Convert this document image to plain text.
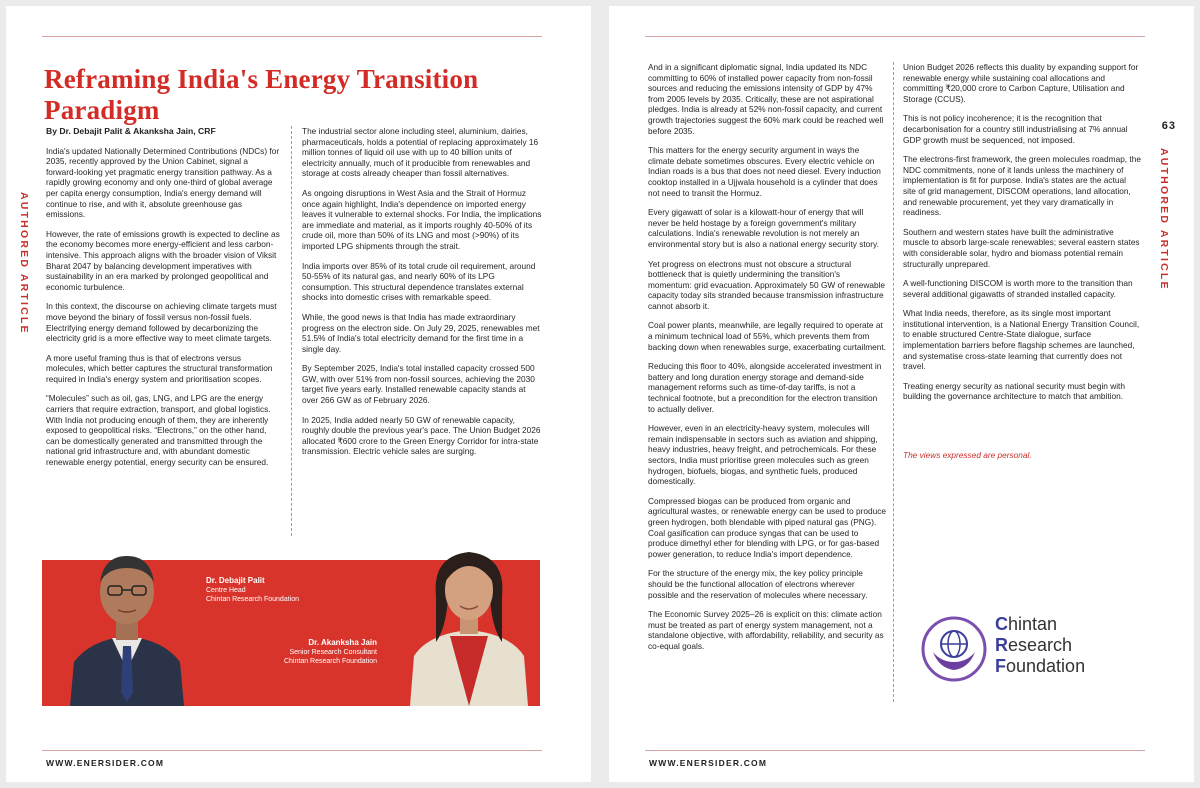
Reframing India's Energy Transition Paradigm
AUTHORED ARTICLE

By Dr. Debajit Palit & Akanksha Jain, CRF

India's updated Nationally Determined Contributions (NDCs) for 2035, recently approved by the Union Cabinet, signal a forward-looking yet pragmatic energy transition pathway. As a rapidly growing economy and only one-third of global average per capita energy consumption, India's energy demand will continue to rise, and with it, absolute greenhouse gas emissions.

However, the rate of emissions growth is expected to decline as the economy becomes more energy-efficient and less carbon-intensive. This approach aligns with the broader vision of Viksit Bharat 2047 by balancing development imperatives with sustainability in an era marked by prolonged geopolitical and economic turbulence.

In this context, the discourse on achieving climate targets must move beyond the binary of fossil versus non-fossil fuels. Electrifying energy demand followed by decarbonizing the electricity grid is a more effective way to meet climate targets.

A more useful framing thus is that of electrons versus molecules, which better captures the structural transformation required in India's energy system and prioritisation scopes.

“Molecules” such as oil, gas, LNG, and LPG are the energy carriers that require extraction, transport, and global logistics. With India not producing enough of them, they are inherently exposed to geopolitical risks. “Electrons,” on the other hand, can be domestically generated and transmitted through the national grid infrastructure and, with abundant domestic renewable energy potential, energy security can be ensured.

The industrial sector alone including steel, aluminium, dairies, pharmaceuticals, holds a potential of replacing approximately 16 million tonnes of liquid oil use with up to 40 billion units of electricity annually, much of it producible from renewables and storage at costs already cheaper than fossil alternatives.

As ongoing disruptions in West Asia and the Strait of Hormuz once again highlight, India's dependence on imported energy leaves it vulnerable to external shocks. For India, the implications are immediate and material, as it imports roughly 40-50% of its crude oil, more than 50% of its LNG and most (>90%) of its imported LPG shipments through the strait.

India imports over 85% of its total crude oil requirement, around 50-55% of its natural gas, and nearly 60% of its LPG consumption. This structural dependence translates external shocks into domestic crises with remarkable speed.

While, the good news is that India has made extraordinary progress on the electron side. On July 29, 2025, renewables met 51.5% of India's total electricity demand for the first time in a single day.

By September 2025, India's total installed capacity crossed 500 GW, with over 51% from non-fossil sources, achieving the 2030 target five years early. Installed renewable capacity stands at over 266 GW as of February 2026.

In 2025, India added nearly 50 GW of renewable capacity, roughly double the previous year's pace. The Union Budget 2026 allocated ₹600 crore to the Green Energy Corridor for intra-state transmission. Electric vehicle sales are surging.

Dr. Debajit Palit
Centre Head
Chintan Research Foundation
Dr. Akanksha Jain
Senior Research Consultant
Chintan Research Foundation
WWW.ENERSIDER.COM
63
AUTHORED ARTICLE

And in a significant diplomatic signal, India updated its NDC committing to 60% of installed power capacity from non-fossil sources and reducing the emissions intensity of GDP by 47% from 2005 levels by 2035. Critically, these are not aspirational pledges. India is already at 52% non-fossil capacity, and current growth trajectories suggest the 60% mark could be reached well before 2035.

This matters for the energy security argument in ways the climate debate sometimes obscures. Every electric vehicle on Indian roads is a bus that does not need diesel. Every induction cooktop installed in a Ujjwala household is a cylinder that does not need to transit the Hormuz.

Every gigawatt of solar is a kilowatt-hour of energy that will never be held hostage by a foreign government's military calculations. India's renewable revolution is not merely an environmental story but is also a national energy security story.

Yet progress on electrons must not obscure a structural bottleneck that is quietly undermining the transition's momentum: grid evacuation. Approximately 50 GW of renewable capacity today sits stranded because transmission infrastructure cannot absorb it.

Coal power plants, meanwhile, are legally required to operate at a minimum technical load of 55%, which prevents them from backing down when renewables surge, exacerbating curtailment.

Reducing this floor to 40%, alongside accelerated investment in battery and long duration energy storage and demand-side management reforms such as time-of-day tariffs, is not a technical footnote, but a precondition for the electron transition to actually deliver.

However, even in an electricity-heavy system, molecules will remain indispensable in sectors such as aviation and shipping, heavy industries, heavy freight, and petrochemicals. For these sectors, India must prioritise green molecules such as green hydrogen, biofuels, biogas, and synthetic fuels, produced domestically.

Compressed biogas can be produced from organic and agricultural wastes, or renewable energy can be used to produce green hydrogen, both blendable with piped natural gas (PNG). Coal gasification can produce syngas that can be used to produce dimethyl ether for blending with LPG, or for gas-based power generation, to reduce India's import dependence.

For the structure of the energy mix, the key policy principle should be the functional allocation of electrons wherever possible and the reservation of molecules where necessary.

The Economic Survey 2025–26 is explicit on this: climate action must be treated as part of energy system management, not a standalone objective, with affordability, reliability, and security as co-equal goals.

Union Budget 2026 reflects this duality by expanding support for renewable energy while sustaining coal allocations and committing ₹20,000 crore to Carbon Capture, Utilisation and Storage (CCUS).

This is not policy incoherence; it is the recognition that decarbonisation for a country still industrialising at 7% annual GDP growth must be sequenced, not imposed.

The electrons-first framework, the green molecules roadmap, the NDC commitments, none of it lands unless the machinery of implementation is fit for purpose. India's states are the actual site of grid management, DISCOM operations, land allocation, and renewable procurement, yet they vary dramatically in readiness.

Southern and western states have built the administrative muscle to absorb large-scale renewables; several eastern states with considerable solar, hydro and biomass potential remain structurally unprepared.

A well-functioning DISCOM is worth more to the transition than several additional gigawatts of stranded installed capacity.

What India needs, therefore, as its single most important institutional intervention, is a National Energy Transition Council, to enable structured Centre-State dialogue, surface implementation barriers before flagship schemes are launched, and systematise cross-state learning that currently does not travel.

Treating energy security as national security must begin with building the governance architecture to match that ambition.

The views expressed are personal.
Chintan
Research
Foundation
WWW.ENERSIDER.COM
